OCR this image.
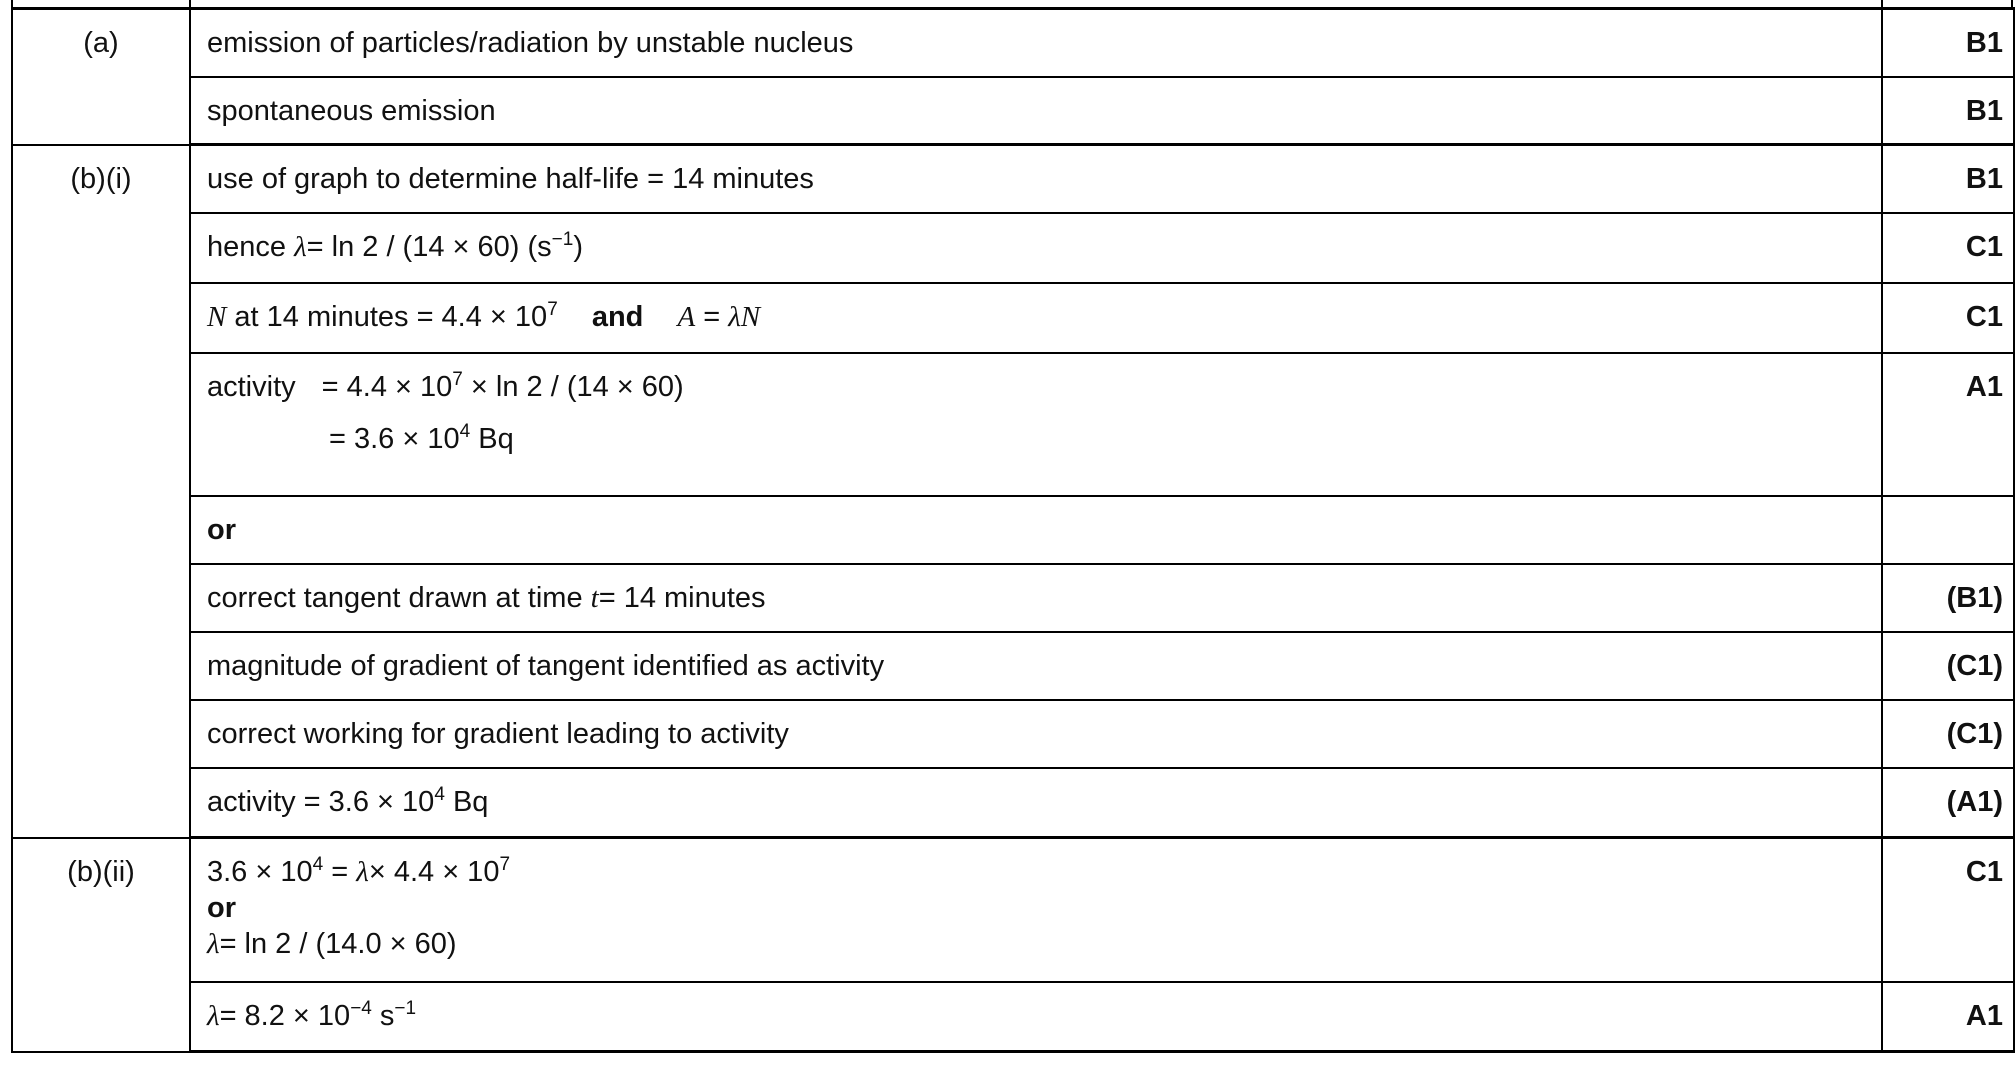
(a)	emission of particles/radiation by unstable nucleus	B1
	spontaneous emission	B1
(b)(i)	use of graph to determine half-life = 14 minutes	B1
	hence λ= ln 2 / (14 × 60) $(s^{-1})$	C1
	N at 14 minutes = $4.4 \times 10^7$ and A = λN	C1
	activity = $4.4 \times 10^7 \times \ln 2 / (14 \times 60)$
= $3.6 \times 10^4$ Bq	A1
	or	
	correct tangent drawn at time t= 14 minutes	(B1)
	magnitude of gradient of tangent identified as activity	(C1)
	correct working for gradient leading to activity	(C1)
	activity = $3.6 \times 10^4$ Bq	(A1)
(b)(ii)	$3.6 \times 10^4 = \lambda\times 4.4 \times 10^7$
or
λ= ln 2 / (14.0 × 60)	C1
	$\lambda= 8.2 \times 10^{-4}$ $s^{-1}$	A1
